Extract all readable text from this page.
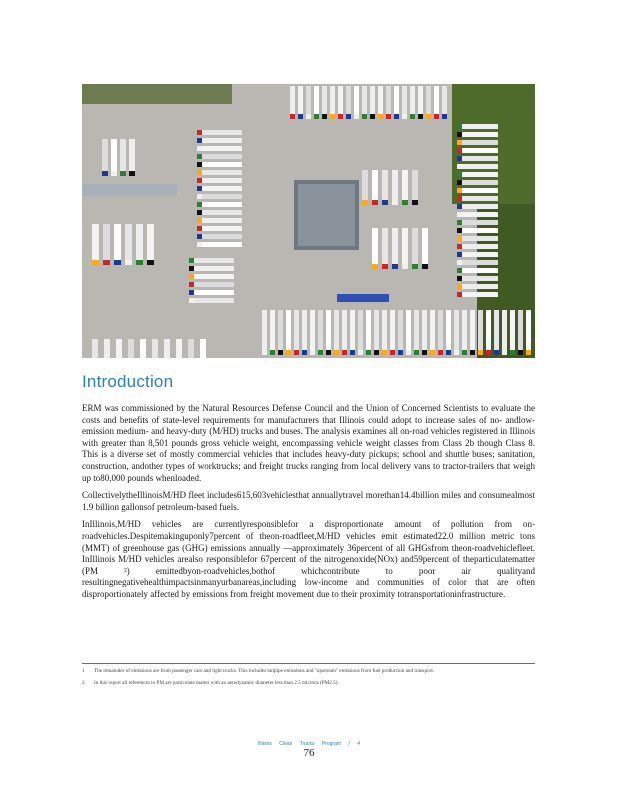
Introduction

ERM was commissioned by the Natural Resources Defense Council and the Union of Concerned Scientists to evaluate the costs and benefits of state-level requirements for manufacturers that Illinois could adopt to increase sales of no- andlow-emission medium- and heavy-duty (M/HD) trucks and buses. The analysis examines all on-road vehicles registered in Illinois with greater than 8,501 pounds gross vehicle weight, encompassing vehicle weight classes from Class 2b though Class 8. This is a diverse set of mostly commercial vehicles that includes heavy-duty pickups; school and shuttle buses; sanitation, construction, andother types of worktrucks; and freight trucks ranging from local delivery vans to tractor-trailers that weigh up to80,000 pounds whenloaded.

CollectivelytheIllinoisM/HD fleet includes615,603vehiclesthat annuallytravel morethan14.4billion miles and consumealmost 1.9 billion gallonsof petroleum-based fuels.

InIllinois,M/HD vehicles are currentlyresponsiblefor a disproportionate amount of pollution from on-roadvehicles.Despitemakinguponly7percent of theon-roadfleet,M/HD vehicles emit estimated22.0 million metric tons (MMT) of greenhouse gas (GHG) emissions annually —approximately 36percent of all GHGsfrom theon-roadvehiclefleet. InIllinois M/HD vehicles arealso responsiblefor 67percent of the nitrogenoxide(NOx) and59percent of theparticulatematter (PM ²) emittedbyon-roadvehicles,bothof whichcontribute to poor air qualityand resultingnegativehealthimpactsinmanyurbanareas,including low-income and communities of color that are often disproportionately affected by emissions from freight movement due to their proximity totransportationinfrastructure.

1	The remainder of emissions are from passenger cars and light trucks. This includes tailpipe emissions and "upstream" emissions from fuel production and transport.
2	In this report all references to PM are particulate matter with an aerodynamic diameter less than 2.5 microns (PM2.5).
Illinois Clean Trucks Program / 4
76
